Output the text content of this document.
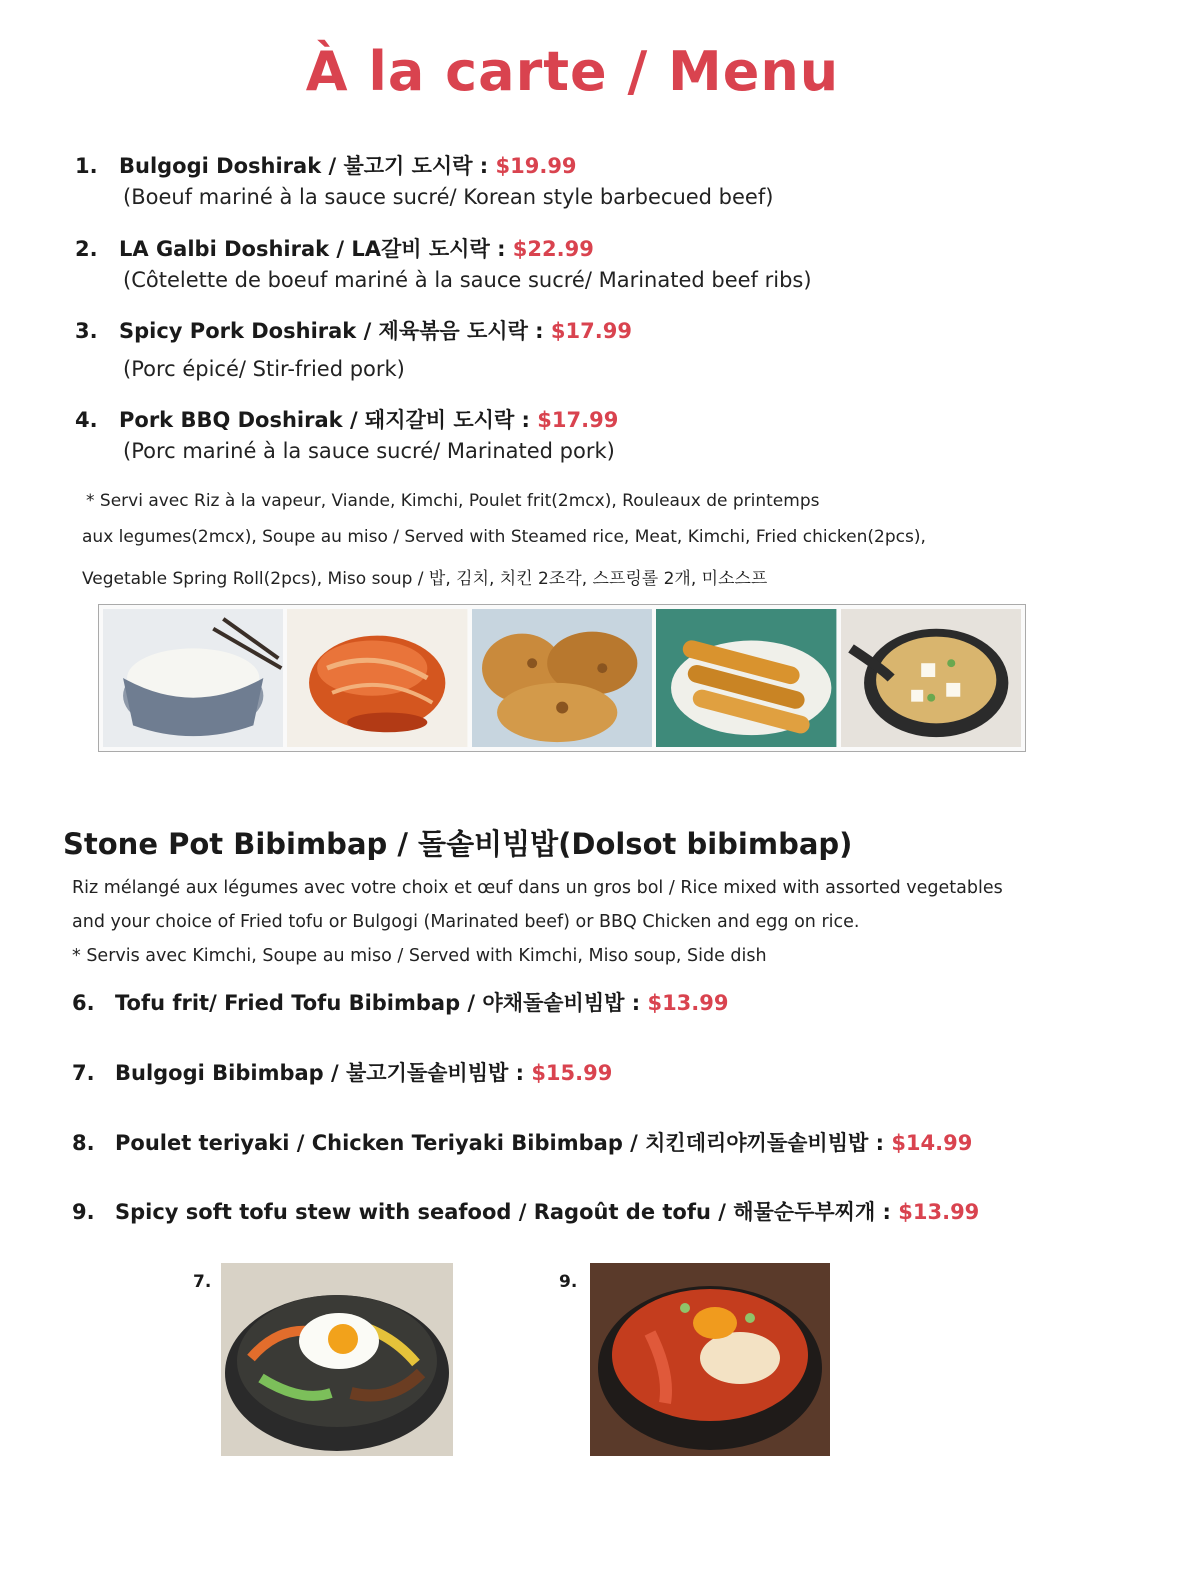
À la carte / Menu
1. Bulgogi Doshirak / 불고기 도시락 : $19.99
(Boeuf mariné à la sauce sucré/ Korean style barbecued beef)
2. LA Galbi Doshirak / LA갈비 도시락 : $22.99
(Côtelette de boeuf mariné à la sauce sucré/ Marinated beef ribs)
3. Spicy Pork Doshirak / 제육볶음 도시락 : $17.99
(Porc épicé/ Stir-fried pork)
4. Pork BBQ Doshirak / 돼지갈비 도시락 : $17.99
(Porc mariné à la sauce sucré/ Marinated pork)
* Servi avec Riz à la vapeur, Viande, Kimchi, Poulet frit(2mcx), Rouleaux de printemps
aux legumes(2mcx), Soupe au miso / Served with Steamed rice, Meat, Kimchi, Fried chicken(2pcs),
Vegetable Spring Roll(2pcs), Miso soup / 밥, 김치, 치킨 2조각, 스프링롤 2개, 미소스프
Stone Pot Bibimbap / 돌솥비빔밥(Dolsot bibimbap)
Riz mélangé aux légumes avec votre choix et œuf dans un gros bol / Rice mixed with assorted vegetables
and your choice of Fried tofu or Bulgogi (Marinated beef) or BBQ Chicken and egg on rice.
* Servis avec Kimchi, Soupe au miso / Served with Kimchi, Miso soup, Side dish
6. Tofu frit/ Fried Tofu Bibimbap / 야채돌솥비빔밥 : $13.99
7. Bulgogi Bibimbap / 불고기돌솥비빔밥 : $15.99
8. Poulet teriyaki / Chicken Teriyaki Bibimbap / 치킨데리야끼돌솥비빔밥 : $14.99
9. Spicy soft tofu stew with seafood / Ragoût de tofu / 해물순두부찌개 : $13.99
7.	9.
